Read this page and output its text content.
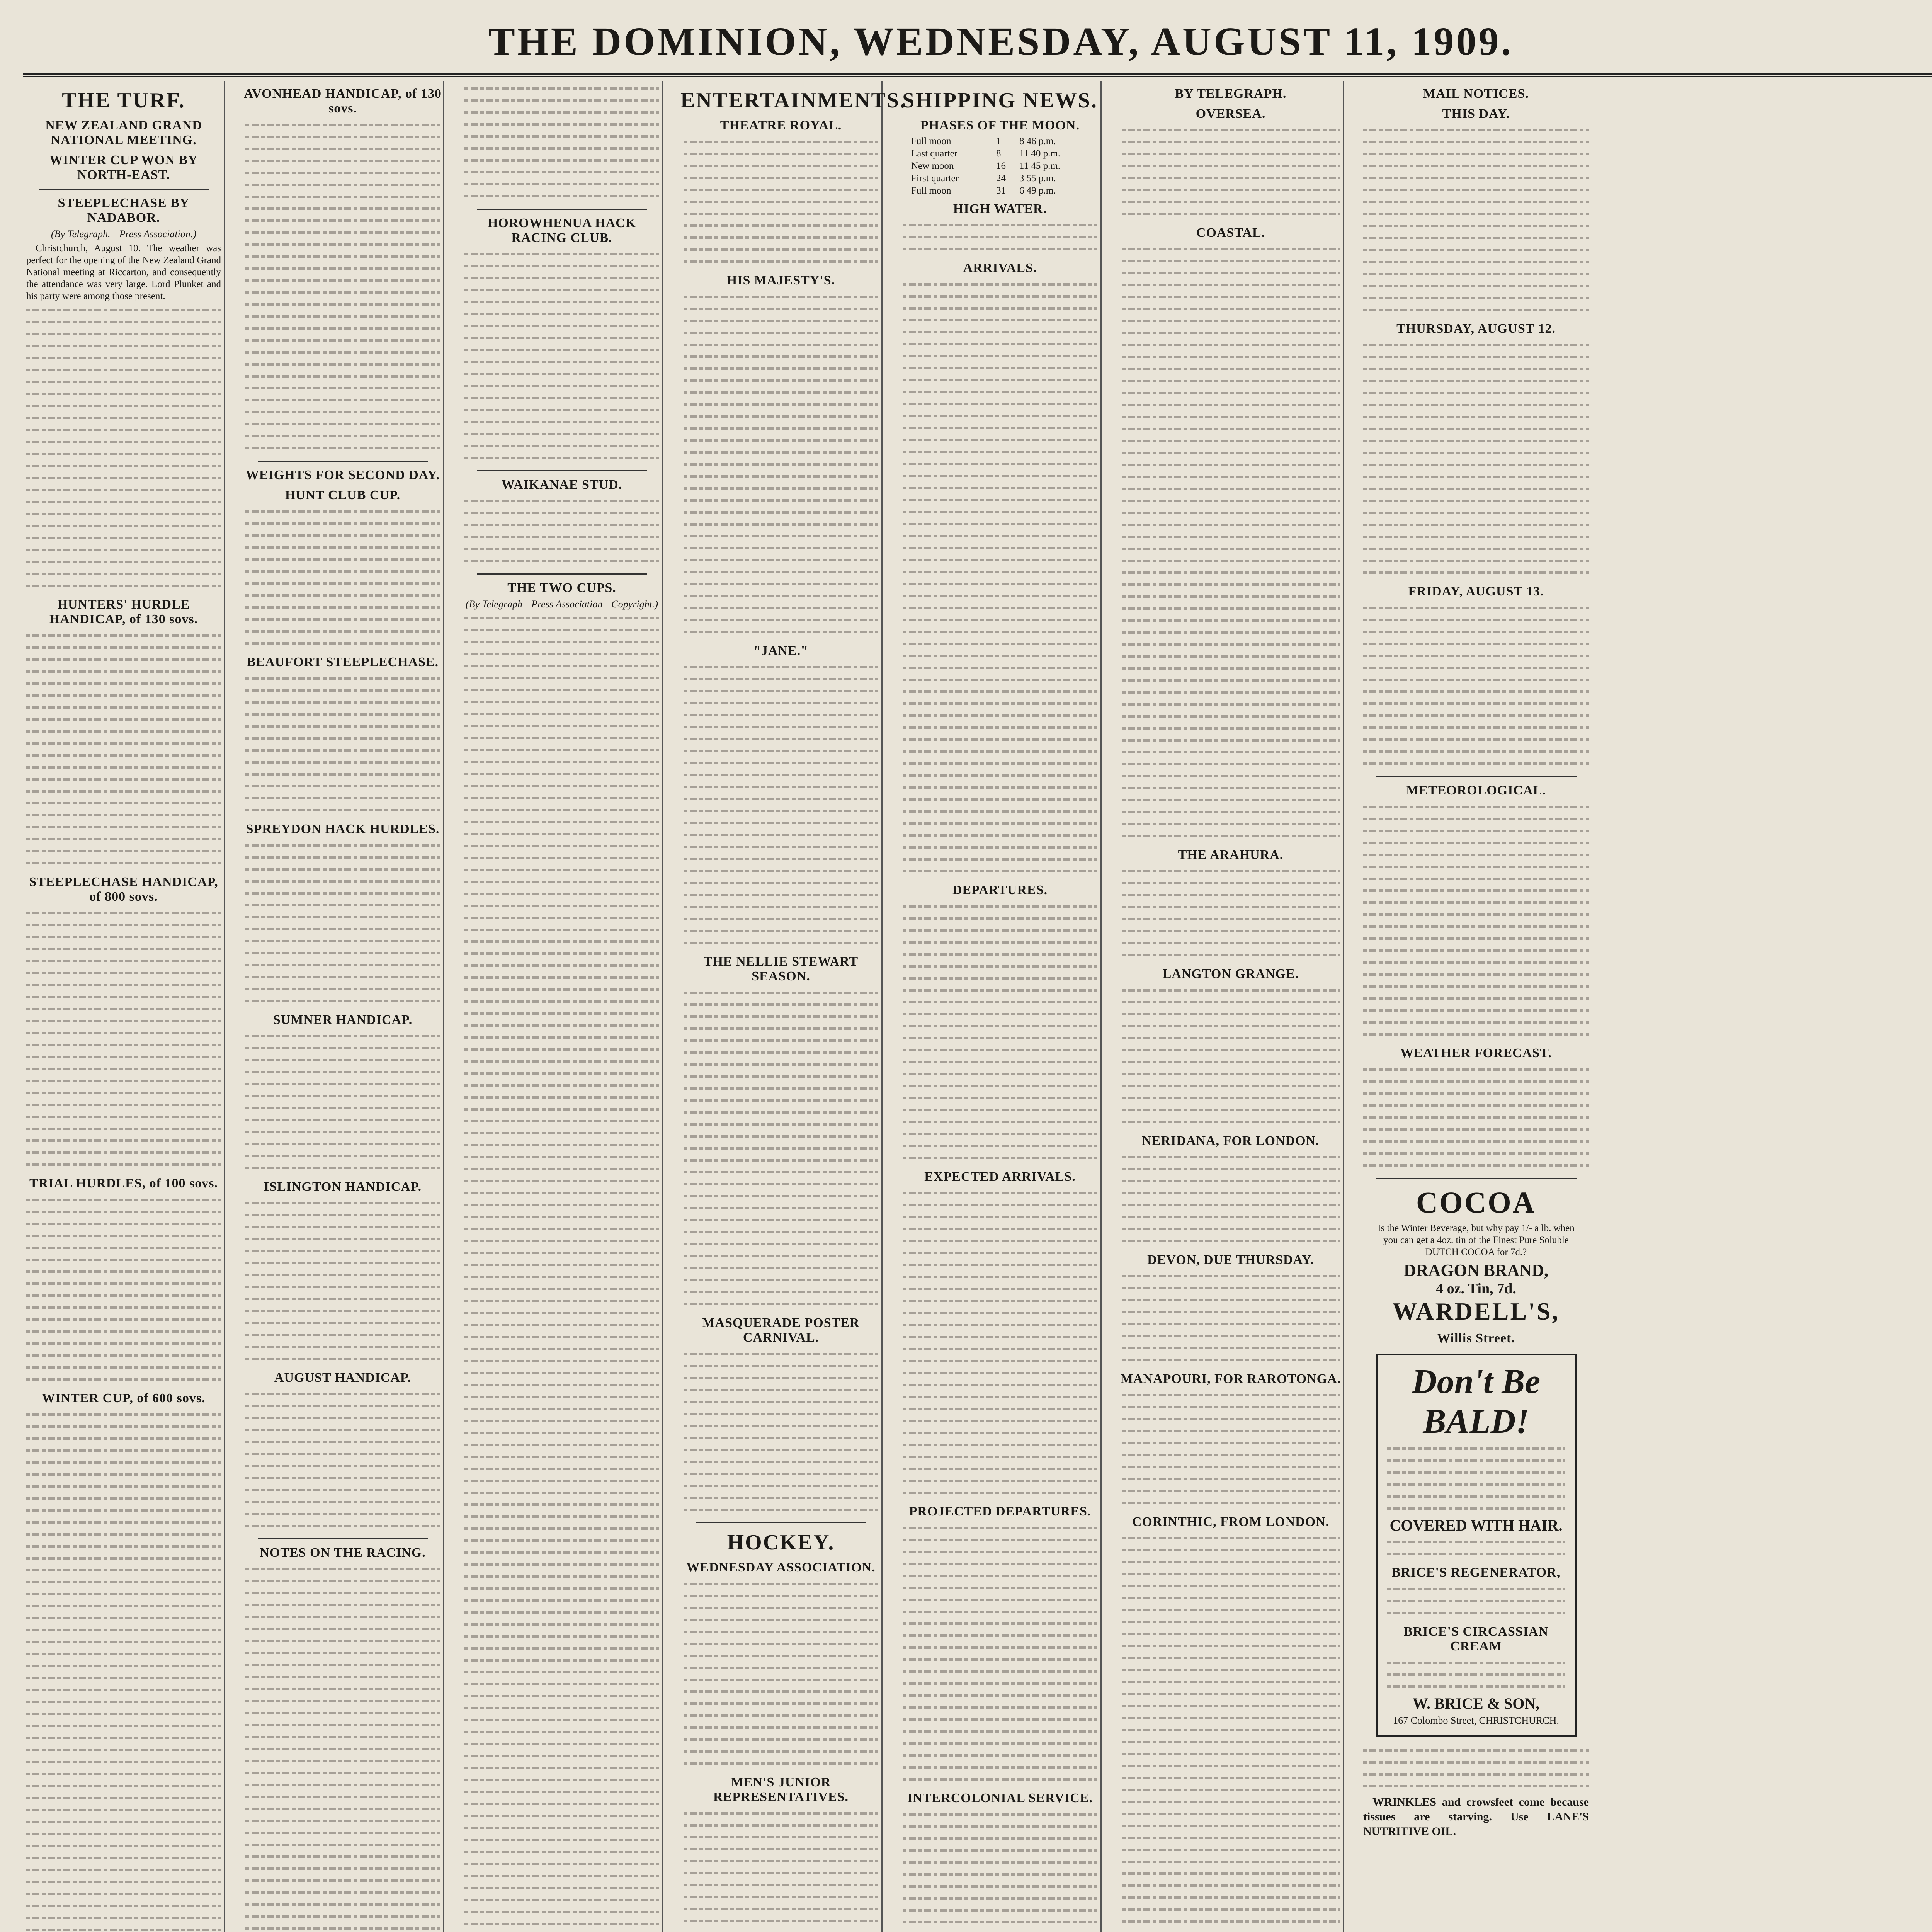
THE DOMINION, WEDNESDAY, AUGUST 11, 1909.
THE TURF.
NEW ZEALAND GRAND NATIONAL MEETING.
WINTER CUP WON BY NORTH-EAST.
STEEPLECHASE BY NADABOR.
(By Telegraph.—Press Association.)

Christchurch, August 10. The weather was perfect for the opening of the New Zealand Grand National meeting at Riccarton, and consequently the attendance was very large. Lord Plunket and his party were among those present.

HUNTERS' HURDLE HANDICAP, of 130 sovs.
STEEPLECHASE HANDICAP, of 800 sovs.
TRIAL HURDLES, of 100 sovs.
WINTER CUP, of 600 sovs.
AVONHEAD HANDICAP, of 130 sovs.
WEIGHTS FOR SECOND DAY.
HUNT CLUB CUP.
BEAUFORT STEEPLECHASE.
SPREYDON HACK HURDLES.
SUMNER HANDICAP.
ISLINGTON HANDICAP.
AUGUST HANDICAP.
NOTES ON THE RACING.
HOROWHENUA HACK RACING CLUB.
WAIKANAE STUD.
THE TWO CUPS.
(By Telegraph—Press Association—Copyright.)
ENTERTAINMENTS.
THEATRE ROYAL.
HIS MAJESTY'S.
"JANE."
THE NELLIE STEWART SEASON.
MASQUERADE POSTER CARNIVAL.
HOCKEY.
WEDNESDAY ASSOCIATION.
MEN'S JUNIOR REPRESENTATIVES.
SHIPPING NEWS.
PHASES OF THE MOON.
Full moon	1 8 46 p.m.
Last quarter	8 11 40 p.m.
New moon	16 11 45 p.m.
First quarter	24 3 55 p.m.
Full moon	31 6 49 p.m.
HIGH WATER.
ARRIVALS.
DEPARTURES.
EXPECTED ARRIVALS.
PROJECTED DEPARTURES.
INTERCOLONIAL SERVICE.
BY TELEGRAPH.
OVERSEA.
COASTAL.
THE ARAHURA.
LANGTON GRANGE.
NERIDANA, FOR LONDON.
DEVON, DUE THURSDAY.
MANAPOURI, FOR RAROTONGA.
CORINTHIC, FROM LONDON.
MAIL NOTICES.
THIS DAY.
THURSDAY, AUGUST 12.
FRIDAY, AUGUST 13.
METEOROLOGICAL.
WEATHER FORECAST.
COCOA

Is the Winter Beverage, but why pay 1/- a lb. when you can get a 4oz. tin of the Finest Pure Soluble DUTCH COCOA for 7d.?

DRAGON BRAND,
4 oz. Tin, 7d.
WARDELL'S,
Willis Street.
Don't Be
BALD!
COVERED WITH HAIR.
BRICE'S REGENERATOR,
BRICE'S CIRCASSIAN CREAM
W. BRICE & SON,
167 Colombo Street, CHRISTCHURCH.

WRINKLES and crowsfeet come because tissues are starving. Use LANE'S NUTRITIVE OIL.
